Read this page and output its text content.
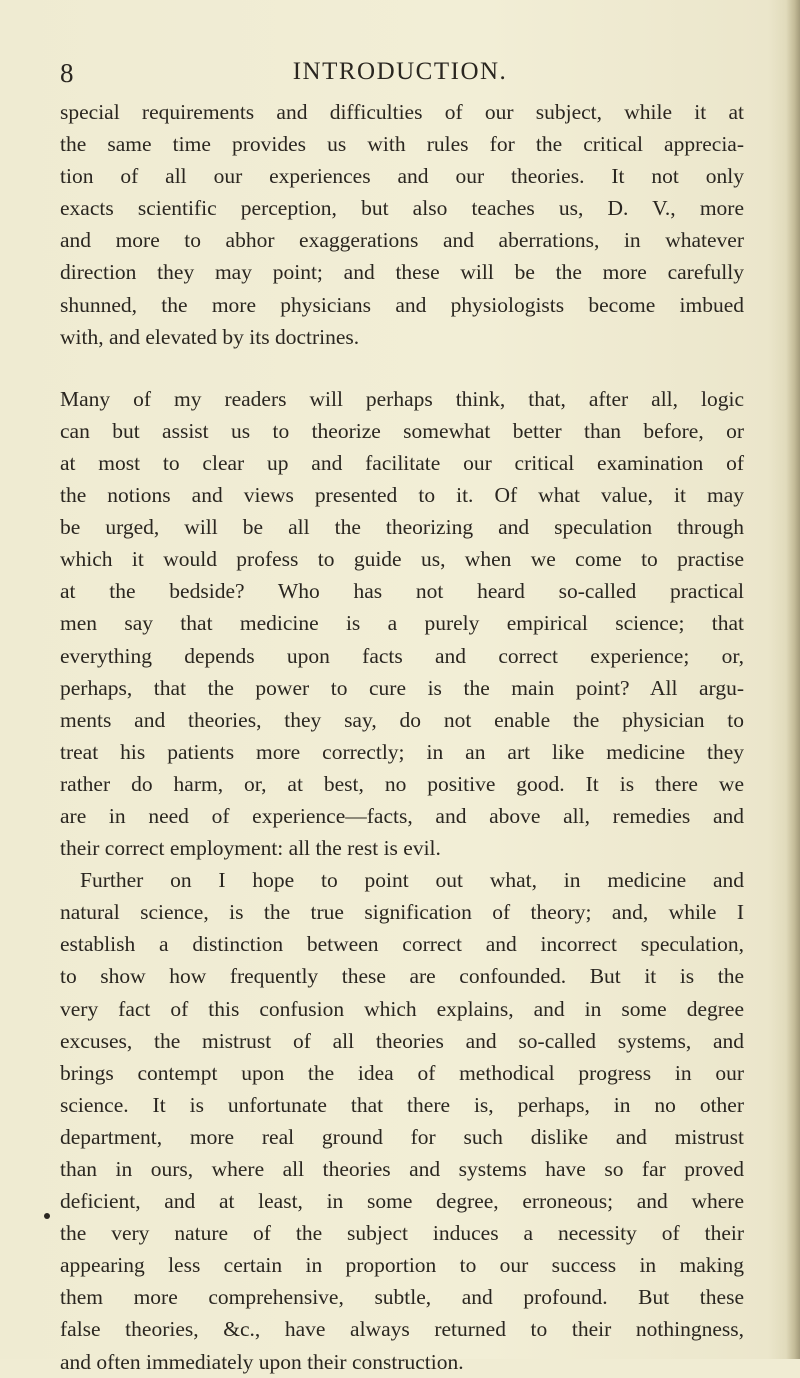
8	INTRODUCTION.
special requirements and difficulties of our subject, while it at
the same time provides us with rules for the critical apprecia-
tion of all our experiences and our theories. It not only
exacts scientific perception, but also teaches us, D. V., more
and more to abhor exaggerations and aberrations, in whatever
direction they may point; and these will be the more carefully
shunned, the more physicians and physiologists become imbued
with, and elevated by its doctrines.
Many of my readers will perhaps think, that, after all, logic
can but assist us to theorize somewhat better than before, or
at most to clear up and facilitate our critical examination of
the notions and views presented to it. Of what value, it may
be urged, will be all the theorizing and speculation through
which it would profess to guide us, when we come to practise
at the bedside? Who has not heard so-called practical
men say that medicine is a purely empirical science; that
everything depends upon facts and correct experience; or,
perhaps, that the power to cure is the main point? All argu-
ments and theories, they say, do not enable the physician to
treat his patients more correctly; in an art like medicine they
rather do harm, or, at best, no positive good. It is there we
are in need of experience—facts, and above all, remedies and
their correct employment: all the rest is evil.
Further on I hope to point out what, in medicine and
natural science, is the true signification of theory; and, while I
establish a distinction between correct and incorrect speculation,
to show how frequently these are confounded. But it is the
very fact of this confusion which explains, and in some degree
excuses, the mistrust of all theories and so-called systems, and
brings contempt upon the idea of methodical progress in our
science. It is unfortunate that there is, perhaps, in no other
department, more real ground for such dislike and mistrust
than in ours, where all theories and systems have so far proved
deficient, and at least, in some degree, erroneous; and where
the very nature of the subject induces a necessity of their
appearing less certain in proportion to our success in making
them more comprehensive, subtle, and profound. But these
false theories, &c., have always returned to their nothingness,
and often immediately upon their construction.
